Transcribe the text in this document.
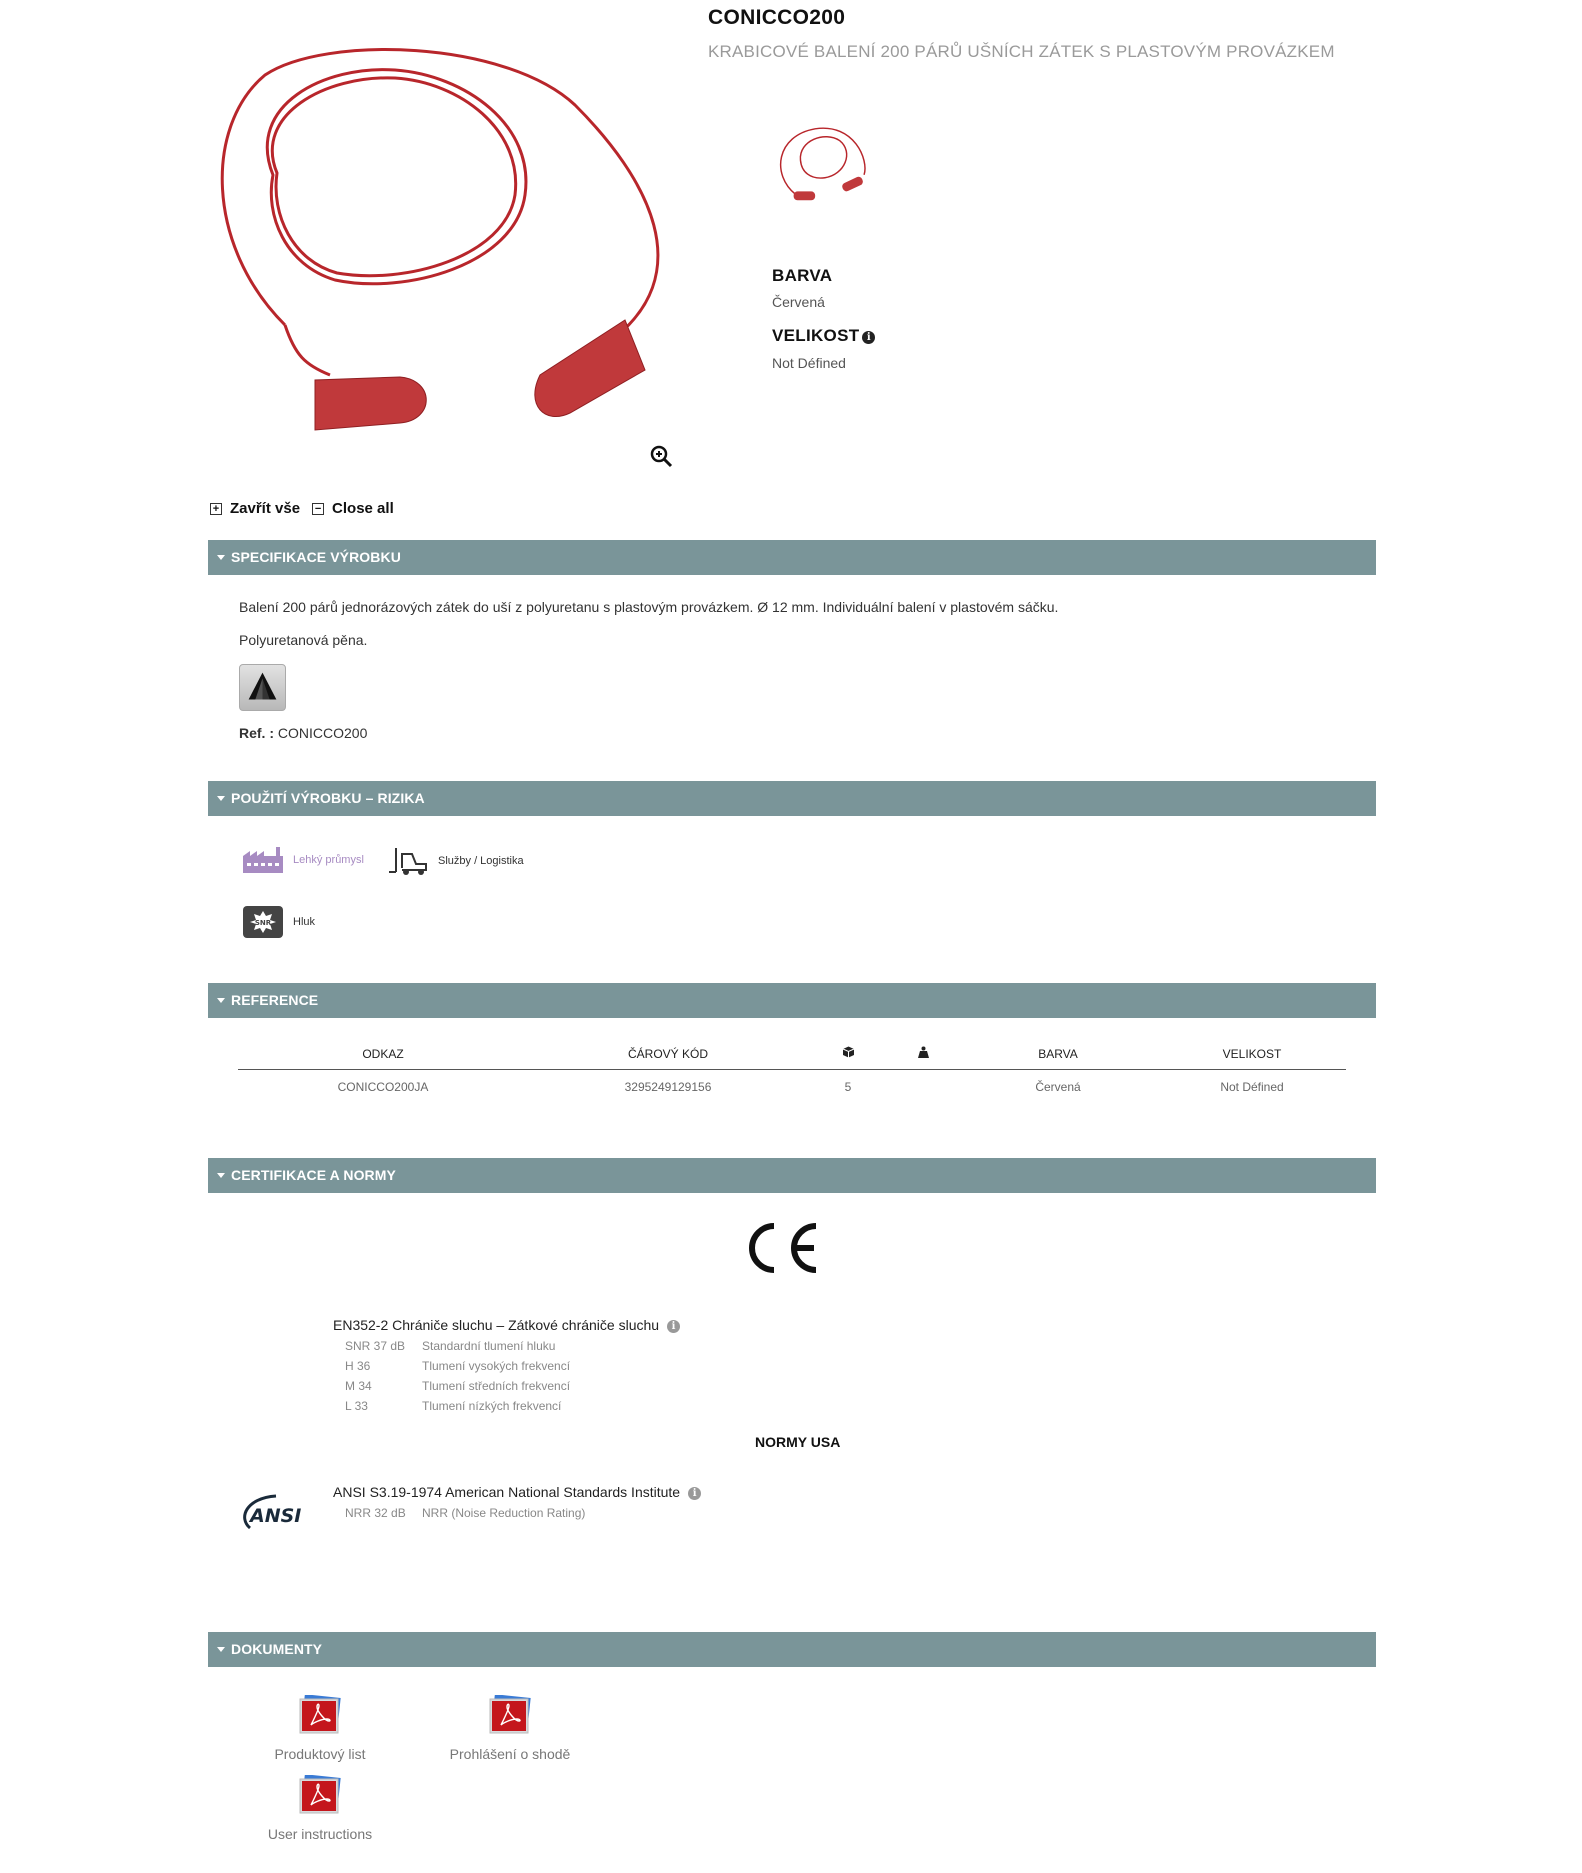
CONICCO200
KRABICOVÉ BALENÍ 200 PÁRŮ UŠNÍCH ZÁTEK S PLASTOVÝM PROVÁZKEM
BARVA
Červená
VELIKOST i
Not Défined
+ Zavřít vše − Close all
SPECIFIKACE VÝROBKU
Balení 200 párů jednorázových zátek do uší z polyuretanu s plastovým provázkem. Ø 12 mm. Individuální balení v plastovém sáčku.
Polyuretanová pěna.
Ref. : CONICCO200
POUŽITÍ VÝROBKU – RIZIKA
Lehký průmysl	Služby / Logistika
SNR Hluk
REFERENCE
ODKAZ	ČÁROVÝ KÓD			BARVA	VELIKOST
CONICCO200JA	3295249129156	5		Červená	Not Défined
CERTIFIKACE A NORMY
EN352-2 Chrániče sluchu – Zátkové chrániče sluchu i
SNR 37 dB	Standardní tlumení hluku
H 36	Tlumení vysokých frekvencí
M 34	Tlumení středních frekvencí
L 33	Tlumení nízkých frekvencí
NORMY USA
ANSI
ANSI S3.19-1974 American National Standards Institute i
NRR 32 dB	NRR (Noise Reduction Rating)
DOKUMENTY
Produktový list	Prohlášení o shodě
User instructions
